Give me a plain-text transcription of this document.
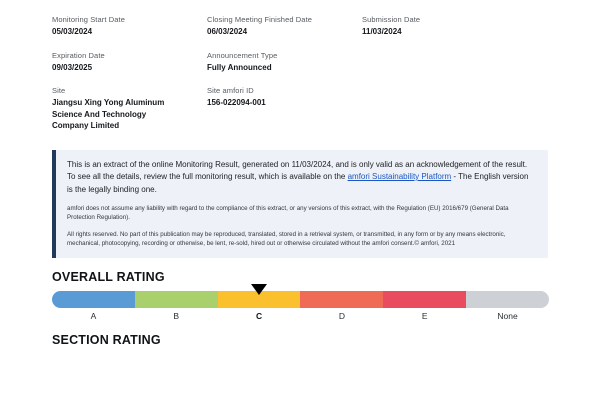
Monitoring Start Date
05/03/2024
Closing Meeting Finished Date
06/03/2024
Submission Date
11/03/2024
Expiration Date
09/03/2025
Announcement Type
Fully Announced
Site
Jiangsu Xing Yong Aluminum
Science And Technology
Company Limited
Site amfori ID
156-022094-001

This is an extract of the online Monitoring Result, generated on 11/03/2024, and is only valid as an acknowledgement of the result. To see all the details, review the full monitoring result, which is available on the amfori Sustainability Platform - The English version is the legally binding one.

amfori does not assume any liability with regard to the compliance of this extract, or any versions of this extract, with the Regulation (EU) 2016/679 (General Data Protection Regulation).

All rights reserved. No part of this publication may be reproduced, translated, stored in a retrieval system, or transmitted, in any form or by any means electronic, mechanical, photocopying, recording or otherwise, be lent, re-sold, hired out or otherwise circulated without the amfori consent.© amfori, 2021

OVERALL RATING
A	B	C	D	E	None
SECTION RATING
